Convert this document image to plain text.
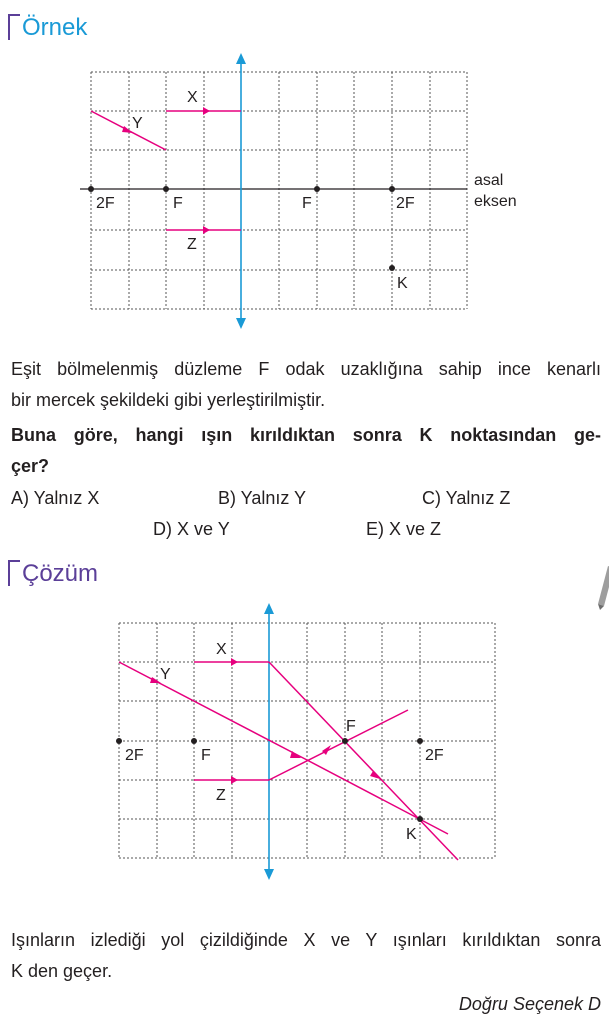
Örnek
X
Y
Z
K
2F	F	F	2F
asal
eksen
Eşit bölmelenmiş düzleme F odak uzaklığına sahip ince kenarlı
bir mercek şekildeki gibi yerleştirilmiştir.
Buna göre, hangi ışın kırıldıktan sonra K noktasından ge-
çer?
A) Yalnız X	B) Yalnız Y	C) Yalnız Z
D) X ve Y	E) X ve Z
Çözüm
X
Y
Z
F
K
2F	F	2F
Işınların izlediği yol çizildiğinde X ve Y ışınları kırıldıktan sonra
K den geçer.
Doğru Seçenek D
